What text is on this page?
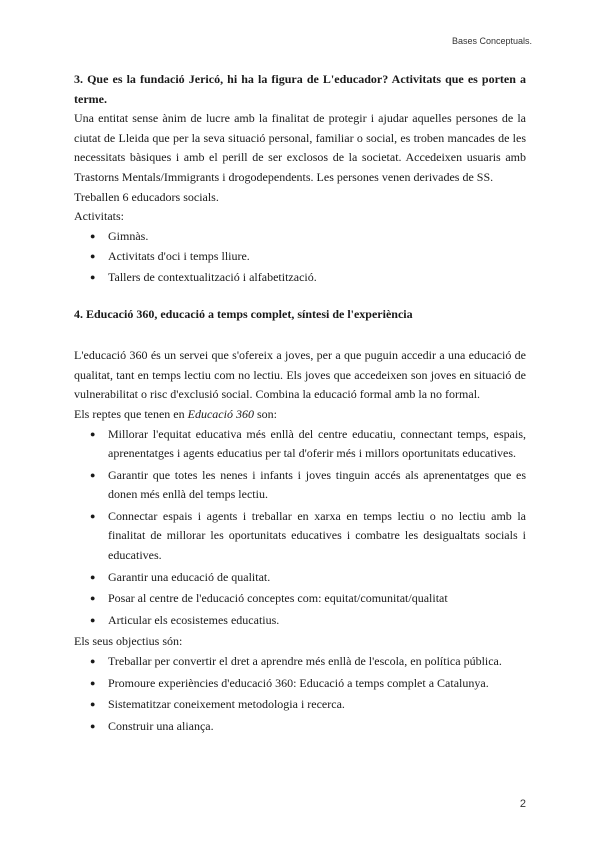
Bases Conceptuals.

3. Que es la fundació Jericó, hi ha la figura de L'educador? Activitats que es porten a terme.

Una entitat sense ànim de lucre amb la finalitat de protegir i ajudar aquelles persones de la ciutat de Lleida que per la seva situació personal, familiar o social, es troben mancades de les necessitats bàsiques i amb el perill de ser exclosos de la societat. Accedeixen usuaris amb Trastorns Mentals/Immigrants i drogodependents. Les persones venen derivades de SS.

Treballen 6 educadors socials.

Activitats:

● Gimnàs.
● Activitats d'oci i temps lliure.
● Tallers de contextualització i alfabetització.

4. Educació 360, educació a temps complet, síntesi de l'experiència

L'educació 360 és un servei que s'ofereix a joves, per a que puguin accedir a una educació de qualitat, tant en temps lectiu com no lectiu. Els joves que accedeixen son joves en situació de vulnerabilitat o risc d'exclusió social. Combina la educació formal amb la no formal.

Els reptes que tenen en Educació 360 son:

● Millorar l'equitat educativa més enllà del centre educatiu, connectant temps, espais, aprenentatges i agents educatius per tal d'oferir més i millors oportunitats educatives.
● Garantir que totes les nenes i infants i joves tinguin accés als aprenentatges que es donen més enllà del temps lectiu.
● Connectar espais i agents i treballar en xarxa en temps lectiu o no lectiu amb la finalitat de millorar les oportunitats educatives i combatre les desigualtats socials i educatives.
● Garantir una educació de qualitat.
● Posar al centre de l'educació conceptes com: equitat/comunitat/qualitat
● Articular els ecosistemes educatius.

Els seus objectius són:

● Treballar per convertir el dret a aprendre més enllà de l'escola, en política pública.
● Promoure experiències d'educació 360: Educació a temps complet a Catalunya.
● Sistematitzar coneixement metodologia i recerca.
● Construir una aliança.
2
